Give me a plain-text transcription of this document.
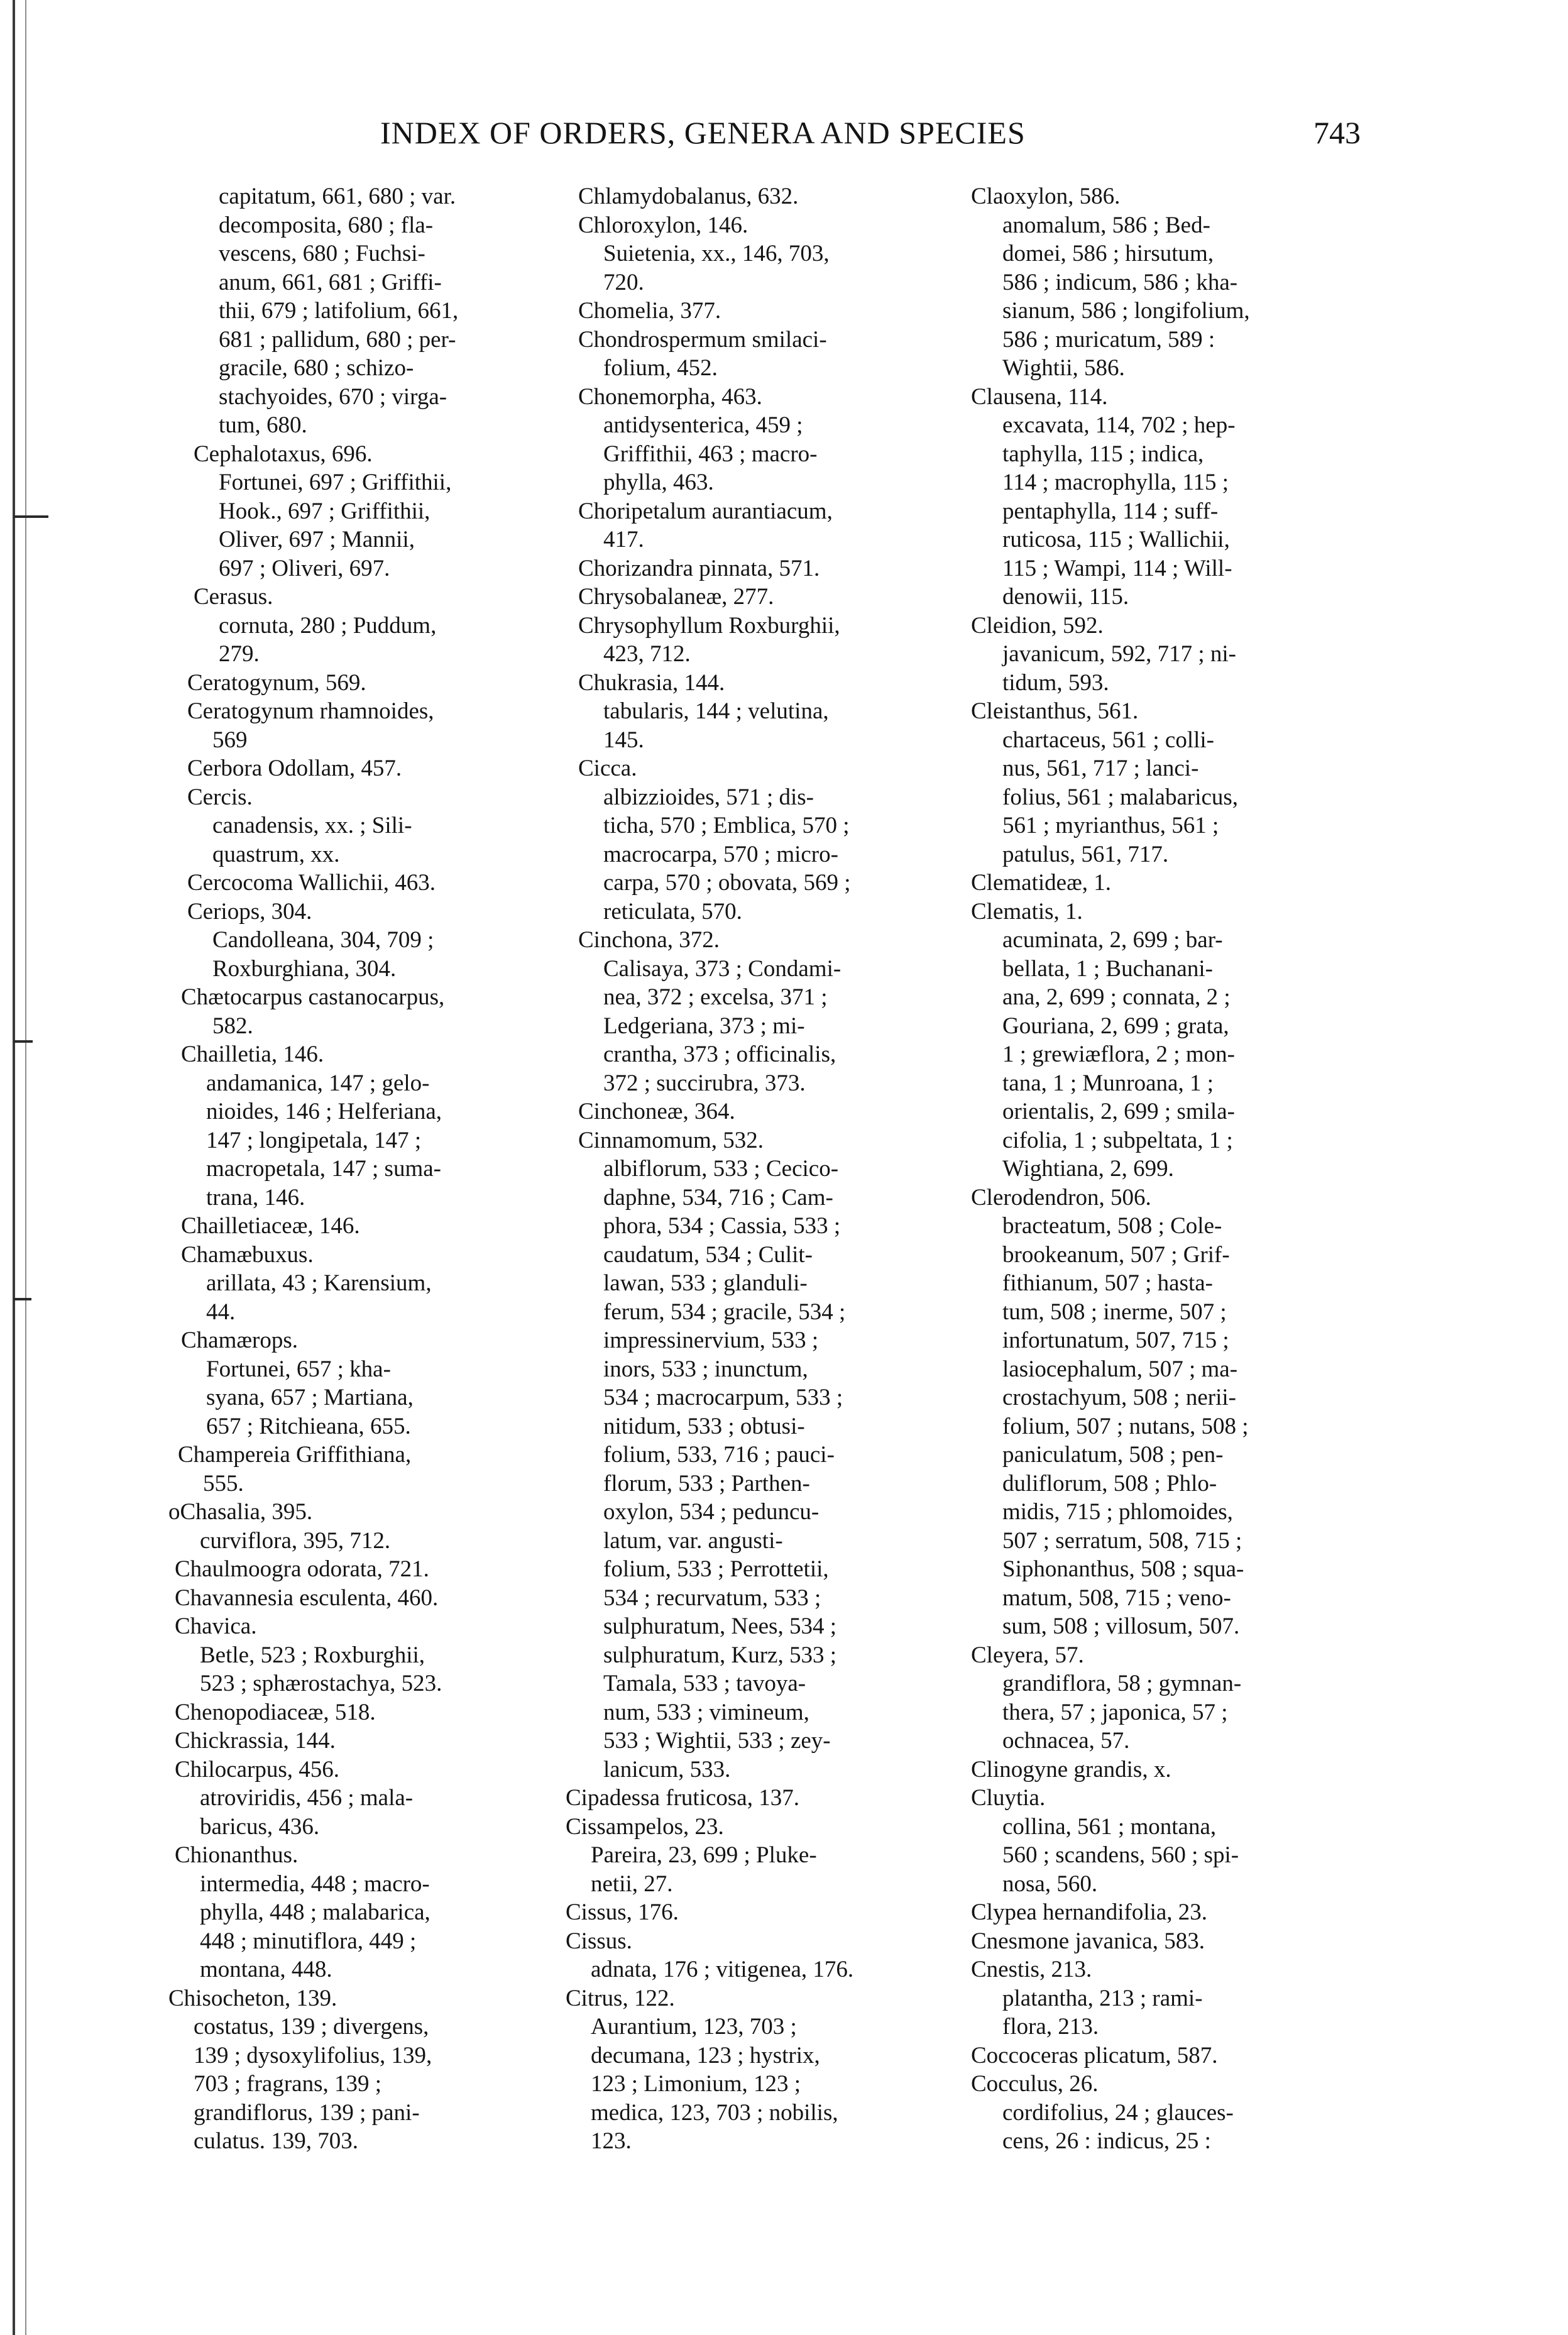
INDEX OF ORDERS, GENERA AND SPECIES	743
capitatum, 661, 680 ; var.
decomposita, 680 ; fla-
vescens, 680 ; Fuchsi-
anum, 661, 681 ; Griffi-
thii, 679 ; latifolium, 661,
681 ; pallidum, 680 ; per-
gracile, 680 ; schizo-
stachyoides, 670 ; virga-
tum, 680.
Cephalotaxus, 696.
Fortunei, 697 ; Griffithii,
Hook., 697 ; Griffithii,
Oliver, 697 ; Mannii,
697 ; Oliveri, 697.
Cerasus.
cornuta, 280 ; Puddum,
279.
Ceratogynum, 569.
Ceratogynum rhamnoides,
569
Cerbora Odollam, 457.
Cercis.
canadensis, xx. ; Sili-
quastrum, xx.
Cercocoma Wallichii, 463.
Ceriops, 304.
Candolleana, 304, 709 ;
Roxburghiana, 304.
Chætocarpus castanocarpus,
582.
Chailletia, 146.
andamanica, 147 ; gelo-
nioides, 146 ; Helferiana,
147 ; longipetala, 147 ;
macropetala, 147 ; suma-
trana, 146.
Chailletiaceæ, 146.
Chamæbuxus.
arillata, 43 ; Karensium,
44.
Chamærops.
Fortunei, 657 ; kha-
syana, 657 ; Martiana,
657 ; Ritchieana, 655.
Champereia Griffithiana,
555.
oChasalia, 395.
curviflora, 395, 712.
Chaulmoogra odorata, 721.
Chavannesia esculenta, 460.
Chavica.
Betle, 523 ; Roxburghii,
523 ; sphærostachya, 523.
Chenopodiaceæ, 518.
Chickrassia, 144.
Chilocarpus, 456.
atroviridis, 456 ; mala-
baricus, 436.
Chionanthus.
intermedia, 448 ; macro-
phylla, 448 ; malabarica,
448 ; minutiflora, 449 ;
montana, 448.
Chisocheton, 139.
costatus, 139 ; divergens,
139 ; dysoxylifolius, 139,
703 ; fragrans, 139 ;
grandiflorus, 139 ; pani-
culatus. 139, 703.
Chlamydobalanus, 632.
Chloroxylon, 146.
Suietenia, xx., 146, 703,
720.
Chomelia, 377.
Chondrospermum smilaci-
folium, 452.
Chonemorpha, 463.
antidysenterica, 459 ;
Griffithii, 463 ; macro-
phylla, 463.
Choripetalum aurantiacum,
417.
Chorizandra pinnata, 571.
Chrysobalaneæ, 277.
Chrysophyllum Roxburghii,
423, 712.
Chukrasia, 144.
tabularis, 144 ; velutina,
145.
Cicca.
albizzioides, 571 ; dis-
ticha, 570 ; Emblica, 570 ;
macrocarpa, 570 ; micro-
carpa, 570 ; obovata, 569 ;
reticulata, 570.
Cinchona, 372.
Calisaya, 373 ; Condami-
nea, 372 ; excelsa, 371 ;
Ledgeriana, 373 ; mi-
crantha, 373 ; officinalis,
372 ; succirubra, 373.
Cinchoneæ, 364.
Cinnamomum, 532.
albiflorum, 533 ; Cecico-
daphne, 534, 716 ; Cam-
phora, 534 ; Cassia, 533 ;
caudatum, 534 ; Culit-
lawan, 533 ; glanduli-
ferum, 534 ; gracile, 534 ;
impressinervium, 533 ;
inors, 533 ; inunctum,
534 ; macrocarpum, 533 ;
nitidum, 533 ; obtusi-
folium, 533, 716 ; pauci-
florum, 533 ; Parthen-
oxylon, 534 ; peduncu-
latum, var. angusti-
folium, 533 ; Perrottetii,
534 ; recurvatum, 533 ;
sulphuratum, Nees, 534 ;
sulphuratum, Kurz, 533 ;
Tamala, 533 ; tavoya-
num, 533 ; vimineum,
533 ; Wightii, 533 ; zey-
lanicum, 533.
Cipadessa fruticosa, 137.
Cissampelos, 23.
Pareira, 23, 699 ; Pluke-
netii, 27.
Cissus, 176.
Cissus.
adnata, 176 ; vitigenea, 176.
Citrus, 122.
Aurantium, 123, 703 ;
decumana, 123 ; hystrix,
123 ; Limonium, 123 ;
medica, 123, 703 ; nobilis,
123.
Claoxylon, 586.
anomalum, 586 ; Bed-
domei, 586 ; hirsutum,
586 ; indicum, 586 ; kha-
sianum, 586 ; longifolium,
586 ; muricatum, 589 :
Wightii, 586.
Clausena, 114.
excavata, 114, 702 ; hep-
taphylla, 115 ; indica,
114 ; macrophylla, 115 ;
pentaphylla, 114 ; suff-
ruticosa, 115 ; Wallichii,
115 ; Wampi, 114 ; Will-
denowii, 115.
Cleidion, 592.
javanicum, 592, 717 ; ni-
tidum, 593.
Cleistanthus, 561.
chartaceus, 561 ; colli-
nus, 561, 717 ; lanci-
folius, 561 ; malabaricus,
561 ; myrianthus, 561 ;
patulus, 561, 717.
Clematideæ, 1.
Clematis, 1.
acuminata, 2, 699 ; bar-
bellata, 1 ; Buchanani-
ana, 2, 699 ; connata, 2 ;
Gouriana, 2, 699 ; grata,
1 ; grewiæflora, 2 ; mon-
tana, 1 ; Munroana, 1 ;
orientalis, 2, 699 ; smila-
cifolia, 1 ; subpeltata, 1 ;
Wightiana, 2, 699.
Clerodendron, 506.
bracteatum, 508 ; Cole-
brookeanum, 507 ; Grif-
fithianum, 507 ; hasta-
tum, 508 ; inerme, 507 ;
infortunatum, 507, 715 ;
lasiocephalum, 507 ; ma-
crostachyum, 508 ; nerii-
folium, 507 ; nutans, 508 ;
paniculatum, 508 ; pen-
duliflorum, 508 ; Phlo-
midis, 715 ; phlomoides,
507 ; serratum, 508, 715 ;
Siphonanthus, 508 ; squa-
matum, 508, 715 ; veno-
sum, 508 ; villosum, 507.
Cleyera, 57.
grandiflora, 58 ; gymnan-
thera, 57 ; japonica, 57 ;
ochnacea, 57.
Clinogyne grandis, x.
Cluytia.
collina, 561 ; montana,
560 ; scandens, 560 ; spi-
nosa, 560.
Clypea hernandifolia, 23.
Cnesmone javanica, 583.
Cnestis, 213.
platantha, 213 ; rami-
flora, 213.
Coccoceras plicatum, 587.
Cocculus, 26.
cordifolius, 24 ; glauces-
cens, 26 : indicus, 25 :
